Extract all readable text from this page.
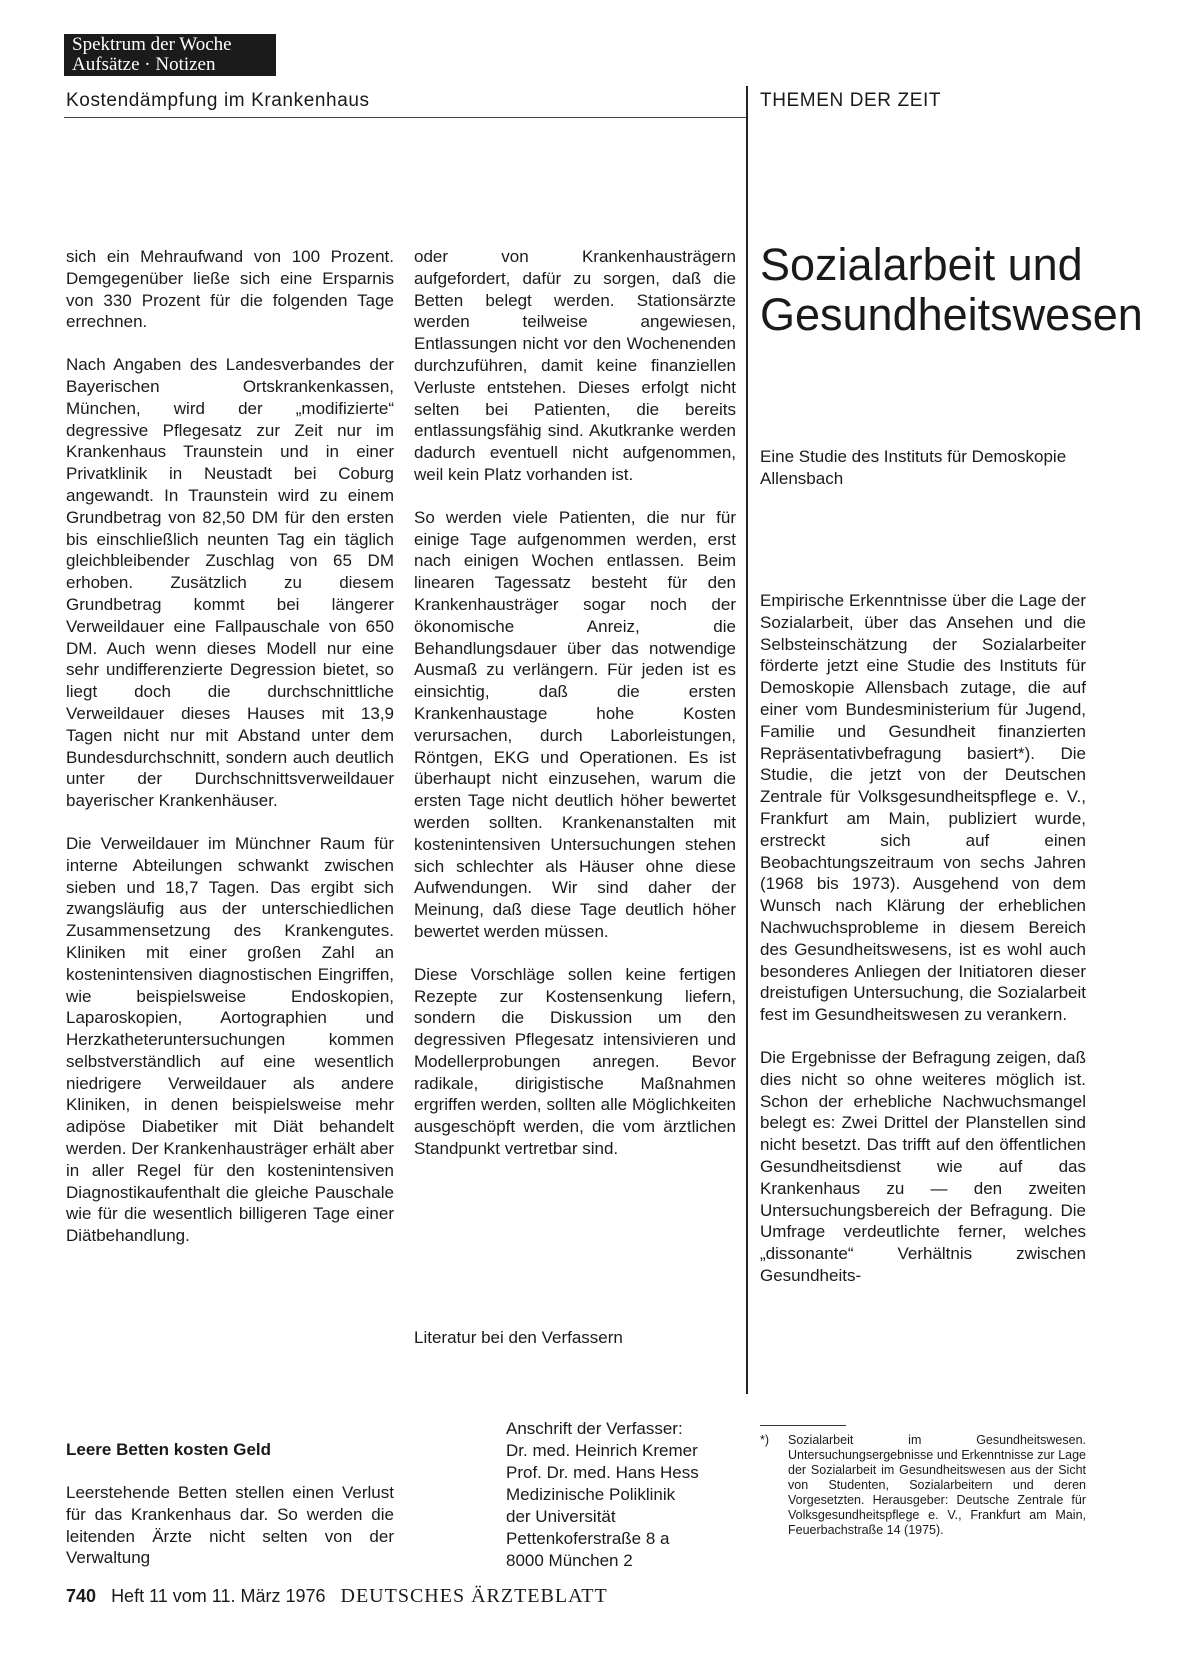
Spektrum der Woche
Aufsätze · Notizen
Kostendämpfung im Krankenhaus	THEMEN DER ZEIT

sich ein Mehraufwand von 100 Prozent. Demgegenüber ließe sich eine Ersparnis von 330 Prozent für die folgenden Tage errechnen.

Nach Angaben des Landesverbandes der Bayerischen Ortskrankenkassen, München, wird der „modifizierte“ degressive Pflegesatz zur Zeit nur im Krankenhaus Traunstein und in einer Privatklinik in Neustadt bei Coburg angewandt. In Traunstein wird zu einem Grundbetrag von 82,50 DM für den ersten bis einschließlich neunten Tag ein täglich gleichbleibender Zuschlag von 65 DM erhoben. Zusätzlich zu diesem Grundbetrag kommt bei längerer Verweildauer eine Fallpauschale von 650 DM. Auch wenn dieses Modell nur eine sehr undifferenzierte Degression bietet, so liegt doch die durchschnittliche Verweildauer dieses Hauses mit 13,9 Tagen nicht nur mit Abstand unter dem Bundesdurchschnitt, sondern auch deutlich unter der Durchschnittsverweildauer bayerischer Krankenhäuser.

Die Verweildauer im Münchner Raum für interne Abteilungen schwankt zwischen sieben und 18,7 Tagen. Das ergibt sich zwangsläufig aus der unterschiedlichen Zusammensetzung des Krankengutes. Kliniken mit einer großen Zahl an kostenintensiven diagnostischen Eingriffen, wie beispielsweise Endoskopien, Laparoskopien, Aortographien und Herzkatheteruntersuchungen kommen selbstverständlich auf eine wesentlich niedrigere Verweildauer als andere Kliniken, in denen beispielsweise mehr adipöse Diabetiker mit Diät behandelt werden. Der Krankenhausträger erhält aber in aller Regel für den kostenintensiven Diagnostikaufenthalt die gleiche Pauschale wie für die wesentlich billigeren Tage einer Diätbehandlung.

Leere Betten kosten Geld

Leerstehende Betten stellen einen Verlust für das Krankenhaus dar. So werden die leitenden Ärzte nicht selten von der Verwaltung

oder von Krankenhausträgern aufgefordert, dafür zu sorgen, daß die Betten belegt werden. Stationsärzte werden teilweise angewiesen, Entlassungen nicht vor den Wochenenden durchzuführen, damit keine finanziellen Verluste entstehen. Dieses erfolgt nicht selten bei Patienten, die bereits entlassungsfähig sind. Akutkranke werden dadurch eventuell nicht aufgenommen, weil kein Platz vorhanden ist.

So werden viele Patienten, die nur für einige Tage aufgenommen werden, erst nach einigen Wochen entlassen. Beim linearen Tagessatz besteht für den Krankenhausträger sogar noch der ökonomische Anreiz, die Behandlungsdauer über das notwendige Ausmaß zu verlängern. Für jeden ist es einsichtig, daß die ersten Krankenhaustage hohe Kosten verursachen, durch Laborleistungen, Röntgen, EKG und Operationen. Es ist überhaupt nicht einzusehen, warum die ersten Tage nicht deutlich höher bewertet werden sollten. Krankenanstalten mit kostenintensiven Untersuchungen stehen sich schlechter als Häuser ohne diese Aufwendungen. Wir sind daher der Meinung, daß diese Tage deutlich höher bewertet werden müssen.

Diese Vorschläge sollen keine fertigen Rezepte zur Kostensenkung liefern, sondern die Diskussion um den degressiven Pflegesatz intensivieren und Modellerprobungen anregen. Bevor radikale, dirigistische Maßnahmen ergriffen werden, sollten alle Möglichkeiten ausgeschöpft werden, die vom ärztlichen Standpunkt vertretbar sind.

Literatur bei den Verfassern
Anschrift der Verfasser:
Dr. med. Heinrich Kremer
Prof. Dr. med. Hans Hess
Medizinische Poliklinik
der Universität
Pettenkoferstraße 8 a
8000 München 2
Sozialarbeit und Gesundheitswesen
Eine Studie des Instituts für Demoskopie Allensbach

Empirische Erkenntnisse über die Lage der Sozialarbeit, über das Ansehen und die Selbsteinschätzung der Sozialarbeiter förderte jetzt eine Studie des Instituts für Demoskopie Allensbach zutage, die auf einer vom Bundesministerium für Jugend, Familie und Gesundheit finanzierten Repräsentativbefragung basiert*). Die Studie, die jetzt von der Deutschen Zentrale für Volksgesundheitspflege e. V., Frankfurt am Main, publiziert wurde, erstreckt sich auf einen Beobachtungszeitraum von sechs Jahren (1968 bis 1973). Ausgehend von dem Wunsch nach Klärung der erheblichen Nachwuchsprobleme in diesem Bereich des Gesundheitswesens, ist es wohl auch besonderes Anliegen der Initiatoren dieser dreistufigen Untersuchung, die Sozialarbeit fest im Gesundheitswesen zu verankern.

Die Ergebnisse der Befragung zeigen, daß dies nicht so ohne weiteres möglich ist. Schon der erhebliche Nachwuchsmangel belegt es: Zwei Drittel der Planstellen sind nicht besetzt. Das trifft auf den öffentlichen Gesundheitsdienst wie auf das Krankenhaus zu — den zweiten Untersuchungsbereich der Befragung. Die Umfrage verdeutlichte ferner, welches „dissonante“ Verhältnis zwischen Gesundheits-

*) Sozialarbeit im Gesundheitswesen. Untersuchungsergebnisse und Erkenntnisse zur Lage der Sozialarbeit im Gesundheitswesen aus der Sicht von Studenten, Sozialarbeitern und deren Vorgesetzten. Herausgeber: Deutsche Zentrale für Volksgesundheitspflege e. V., Frankfurt am Main, Feuerbachstraße 14 (1975).
740 Heft 11 vom 11. März 1976 DEUTSCHES ÄRZTEBLATT
